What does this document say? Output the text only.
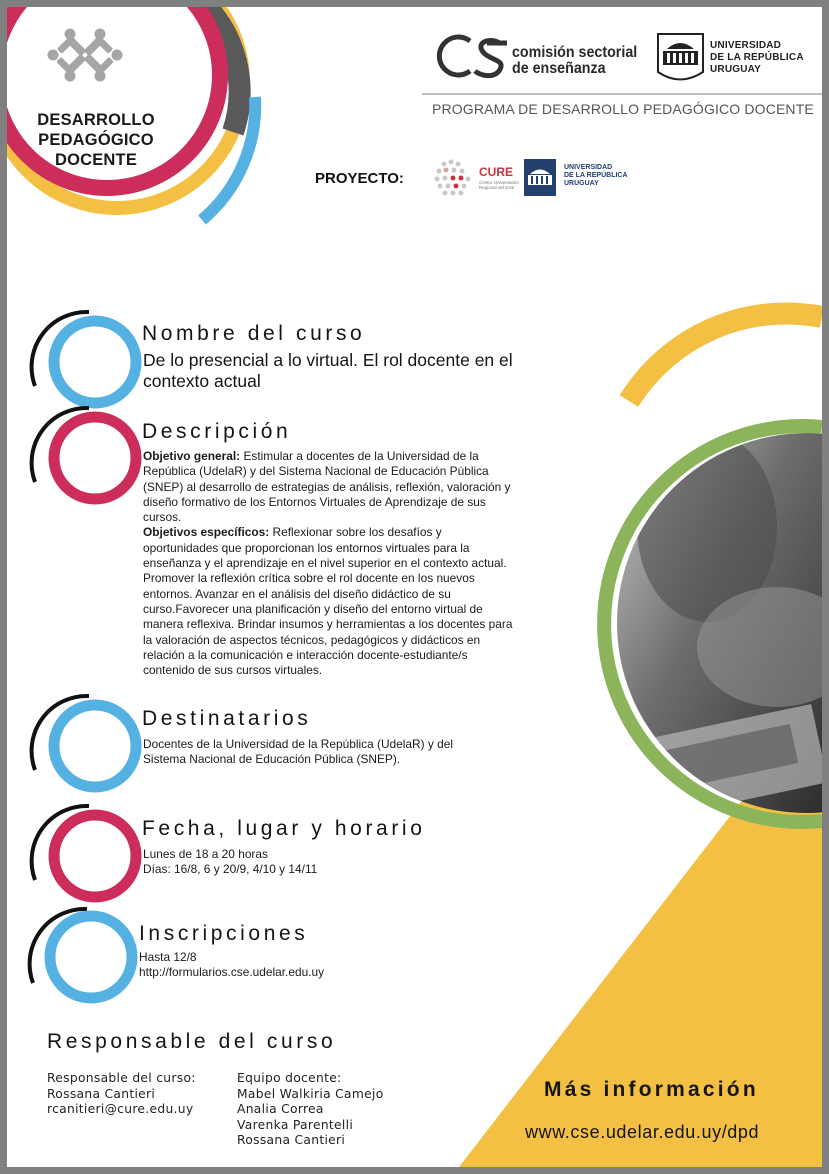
DESARROLLO
PEDAGÓGICO
DOCENTE
comisión sectorial
de enseñanza
UNIVERSIDAD
DE LA REPÚBLICA
URUGUAY
PROGRAMA DE DESARROLLO PEDAGÓGICO DOCENTE
PROYECTO:	CURE
Centro Universitario Regional del Este
UNIVERSIDAD
DE LA REPÚBLICA
URUGUAY
Nombre del curso
De lo presencial a lo virtual. El rol docente en el
contexto actual
Descripción
Objetivo general: Estimular a docentes de la Universidad de la
República (UdelaR) y del Sistema Nacional de Educación Pública
(SNEP) al desarrollo de estrategias de análisis, reflexión, valoración y
diseño formativo de los Entornos Virtuales de Aprendizaje de sus
cursos.
Objetivos específicos: Reflexionar sobre los desafíos y
oportunidades que proporcionan los entornos virtuales para la
enseñanza y el aprendizaje en el nivel superior en el contexto actual.
Promover la reflexión crítica sobre el rol docente en los nuevos
entornos. Avanzar en el análisis del diseño didáctico de su
curso.Favorecer una planificación y diseño del entorno virtual de
manera reflexiva. Brindar insumos y herramientas a los docentes para
la valoración de aspectos técnicos, pedagógicos y didácticos en
relación a la comunicación e interacción docente-estudiante/s
contenido de sus cursos virtuales.
Destinatarios
Docentes de la Universidad de la República (UdelaR) y del
Sistema Nacional de Educación Pública (SNEP).
Fecha, lugar y horario
Lunes de 18 a 20 horas
Días: 16/8, 6 y 20/9, 4/10 y 14/11
Inscripciones
Hasta 12/8
http://formularios.cse.udelar.edu.uy
Responsable del curso
Responsable del curso:
Rossana Cantieri
rcanitieri@cure.edu.uy
Equipo docente:
Mabel Walkiria Camejo
Analia Correa
Varenka Parentelli
Rossana Cantieri
Más información
www.cse.udelar.edu.uy/dpd
